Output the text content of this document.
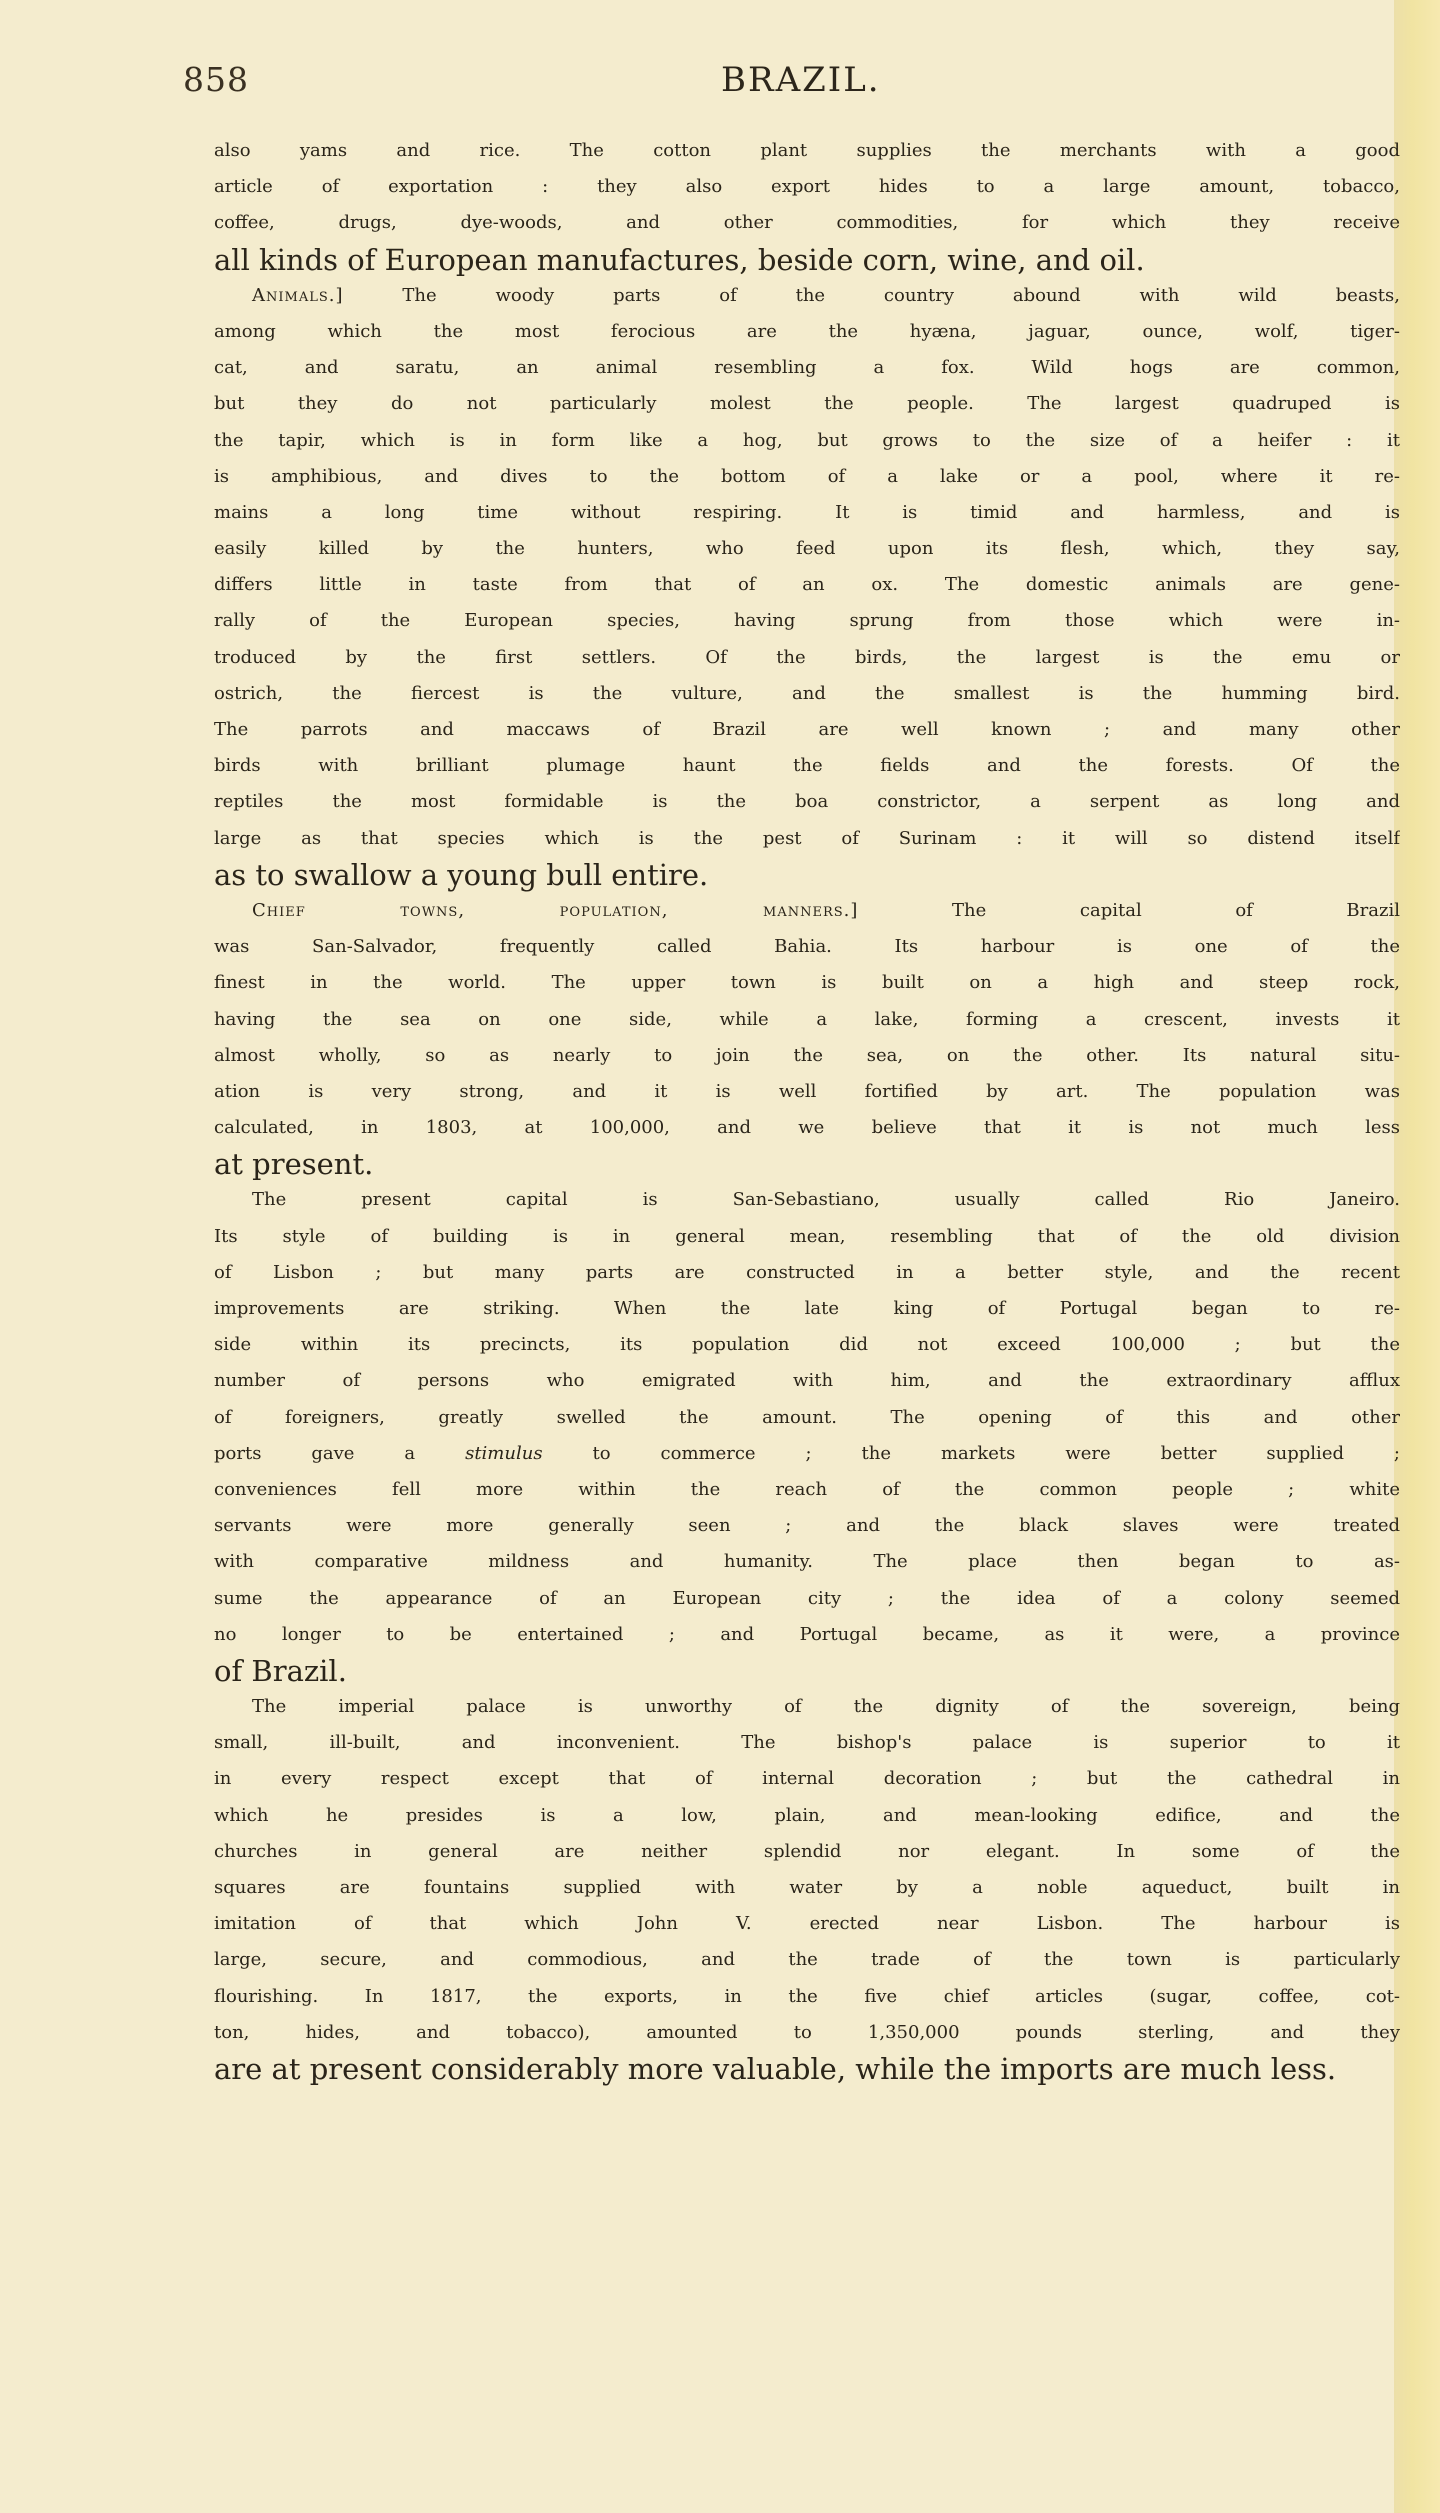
858	BRAZIL.
also yams and rice. The cotton plant supplies the merchants with a good
article of exportation : they also export hides to a large amount, tobacco,
coffee, drugs, dye-woods, and other commodities, for which they receive
all kinds of European manufactures, beside corn, wine, and oil.
Animals.] The woody parts of the country abound with wild beasts,
among which the most ferocious are the hyæna, jaguar, ounce, wolf, tiger-
cat, and saratu, an animal resembling a fox. Wild hogs are common,
but they do not particularly molest the people. The largest quadruped is
the tapir, which is in form like a hog, but grows to the size of a heifer : it
is amphibious, and dives to the bottom of a lake or a pool, where it re-
mains a long time without respiring. It is timid and harmless, and is
easily killed by the hunters, who feed upon its flesh, which, they say,
differs little in taste from that of an ox. The domestic animals are gene-
rally of the European species, having sprung from those which were in-
troduced by the first settlers. Of the birds, the largest is the emu or
ostrich, the fiercest is the vulture, and the smallest is the humming bird.
The parrots and maccaws of Brazil are well known ; and many other
birds with brilliant plumage haunt the fields and the forests. Of the
reptiles the most formidable is the boa constrictor, a serpent as long and
large as that species which is the pest of Surinam : it will so distend itself
as to swallow a young bull entire.
Chief towns, population, manners.] The capital of Brazil
was San-Salvador, frequently called Bahia. Its harbour is one of the
finest in the world. The upper town is built on a high and steep rock,
having the sea on one side, while a lake, forming a crescent, invests it
almost wholly, so as nearly to join the sea, on the other. Its natural situ-
ation is very strong, and it is well fortified by art. The population was
calculated, in 1803, at 100,000, and we believe that it is not much less
at present.
The present capital is San-Sebastiano, usually called Rio Janeiro.
Its style of building is in general mean, resembling that of the old division
of Lisbon ; but many parts are constructed in a better style, and the recent
improvements are striking. When the late king of Portugal began to re-
side within its precincts, its population did not exceed 100,000 ; but the
number of persons who emigrated with him, and the extraordinary afflux
of foreigners, greatly swelled the amount. The opening of this and other
ports gave a stimulus to commerce ; the markets were better supplied ;
conveniences fell more within the reach of the common people ; white
servants were more generally seen ; and the black slaves were treated
with comparative mildness and humanity. The place then began to as-
sume the appearance of an European city ; the idea of a colony seemed
no longer to be entertained ; and Portugal became, as it were, a province
of Brazil.
The imperial palace is unworthy of the dignity of the sovereign, being
small, ill-built, and inconvenient. The bishop's palace is superior to it
in every respect except that of internal decoration ; but the cathedral in
which he presides is a low, plain, and mean-looking edifice, and the
churches in general are neither splendid nor elegant. In some of the
squares are fountains supplied with water by a noble aqueduct, built in
imitation of that which John V. erected near Lisbon. The harbour is
large, secure, and commodious, and the trade of the town is particularly
flourishing. In 1817, the exports, in the five chief articles (sugar, coffee, cot-
ton, hides, and tobacco), amounted to 1,350,000 pounds sterling, and they
are at present considerably more valuable, while the imports are much less.
